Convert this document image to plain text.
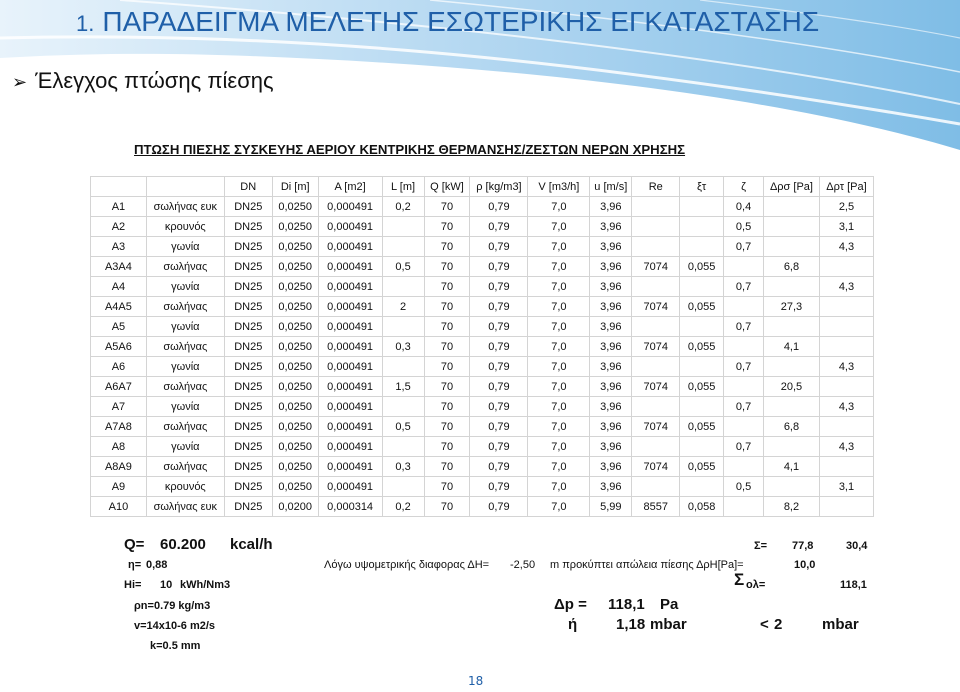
1. ΠΑΡΑΔΕΙΓΜΑ ΜΕΛΕΤΗΣ ΕΣΩΤΕΡΙΚΗΣ ΕΓΚΑΤΑΣΤΑΣΗΣ
➢ Έλεγχος πτώσης πίεσης
ΠΤΩΣΗ ΠΙΕΣΗΣ ΣΥΣΚΕΥΗΣ ΑΕΡΙΟΥ ΚΕΝΤΡΙΚΗΣ ΘΕΡΜΑΝΣΗΣ/ΖΕΣΤΩΝ ΝΕΡΩΝ ΧΡΗΣΗΣ
		DN	Di [m]	A [m2]	L [m]	Q [kW]	ρ [kg/m3]	V [m3/h]	u [m/s]	Re	ξτ	ζ	Δρσ [Pa]	Δρτ [Pa]
A1	σωλήνας ευκ	DN25	0,0250	0,000491	0,2	70	0,79	7,0	3,96			0,4		2,5
A2	κρουνός	DN25	0,0250	0,000491		70	0,79	7,0	3,96			0,5		3,1
A3	γωνία	DN25	0,0250	0,000491		70	0,79	7,0	3,96			0,7		4,3
A3A4	σωλήνας	DN25	0,0250	0,000491	0,5	70	0,79	7,0	3,96	7074	0,055		6,8	
A4	γωνία	DN25	0,0250	0,000491		70	0,79	7,0	3,96			0,7		4,3
A4A5	σωλήνας	DN25	0,0250	0,000491	2	70	0,79	7,0	3,96	7074	0,055		27,3	
A5	γωνία	DN25	0,0250	0,000491		70	0,79	7,0	3,96			0,7		
A5A6	σωλήνας	DN25	0,0250	0,000491	0,3	70	0,79	7,0	3,96	7074	0,055		4,1	
A6	γωνία	DN25	0,0250	0,000491		70	0,79	7,0	3,96			0,7		4,3
A6A7	σωλήνας	DN25	0,0250	0,000491	1,5	70	0,79	7,0	3,96	7074	0,055		20,5	
A7	γωνία	DN25	0,0250	0,000491		70	0,79	7,0	3,96			0,7		4,3
A7A8	σωλήνας	DN25	0,0250	0,000491	0,5	70	0,79	7,0	3,96	7074	0,055		6,8	
A8	γωνία	DN25	0,0250	0,000491		70	0,79	7,0	3,96			0,7		4,3
A8A9	σωλήνας	DN25	0,0250	0,000491	0,3	70	0,79	7,0	3,96	7074	0,055		4,1	
A9	κρουνός	DN25	0,0250	0,000491		70	0,79	7,0	3,96			0,5		3,1
A10	σωλήνας ευκ	DN25	0,0200	0,000314	0,2	70	0,79	7,0	5,99	8557	0,058		8,2	
Q= 60.200 kcal/h	Σ= 77,8	30,4
η= 0,88	Λόγω υψομετρικής διαφορας ΔΗ= -2,50 m προκύπτει απώλεια πίεσης ΔρΗ[Pa]=	10,0
Hi= 10 kWh/Nm3	Σ ολ=	118,1
ρn=0.79 kg/m3	Δp = 118,1 Pa
v=14x10-6 m2/s	ή	1,18 mbar	< 2	mbar
k=0.5 mm
18
